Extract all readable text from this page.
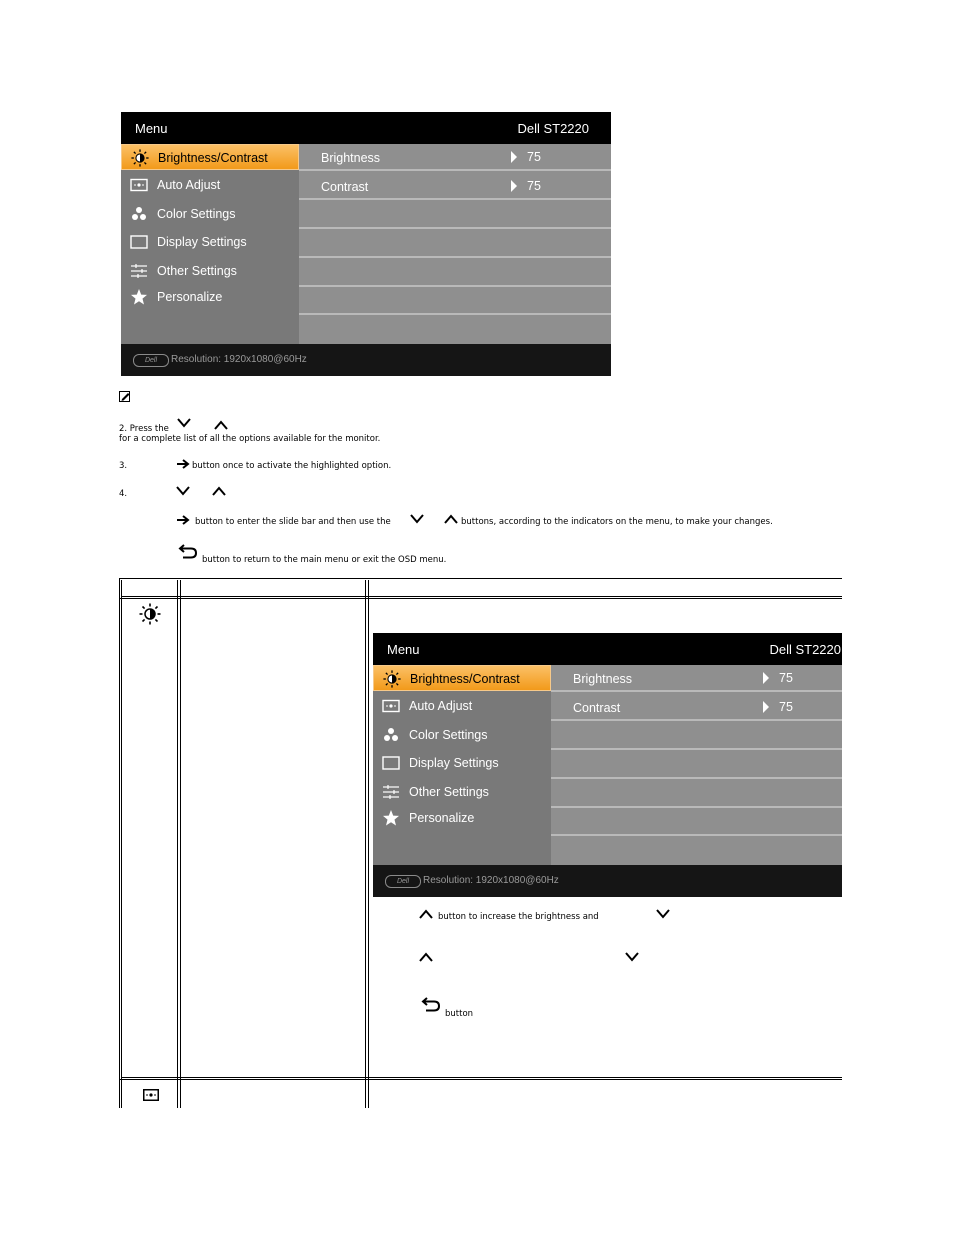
Menu	Dell ST2220
Brightness/Contrast
Auto Adjust
Color Settings
Display Settings
Other Settings
Personalize
Brightness	75
Contrast	75
Dell	Resolution: 1920x1080@60Hz
2. Press the
for a complete list of all the options available for the monitor.
3.	button once to activate the highlighted option.
4.
button to enter the slide bar and then use the	buttons, according to the indicators on the menu, to make your changes.
button to return to the main menu or exit the OSD menu.
Menu	Dell ST2220
Brightness/Contrast
Auto Adjust
Color Settings
Display Settings
Other Settings
Personalize
Brightness	75
Contrast	75
Dell	Resolution: 1920x1080@60Hz
button to increase the brightness and
button
